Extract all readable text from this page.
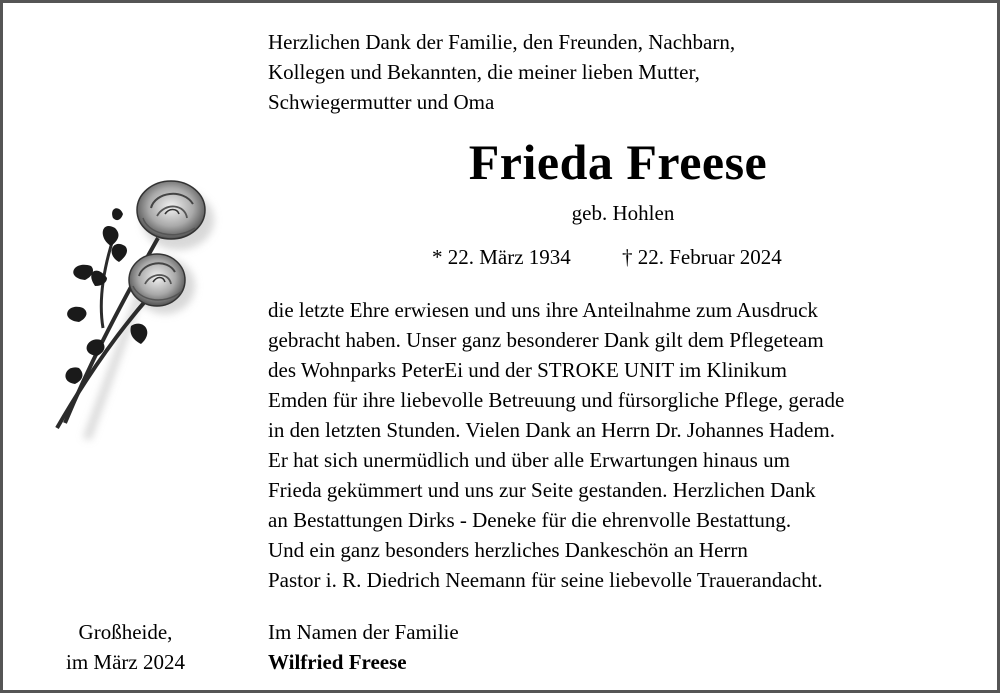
Herzlichen Dank der Familie, den Freunden, Nachbarn,
Kollegen und Bekannten, die meiner lieben Mutter,
Schwiegermutter und Oma

Frieda Freese
geb. Hohlen
* 22. März 1934 † 22. Februar 2024

die letzte Ehre erwiesen und uns ihre Anteilnahme zum Ausdruck
gebracht haben. Unser ganz besonderer Dank gilt dem Pflegeteam
des Wohnparks PeterEi und der STROKE UNIT im Klinikum
Emden für ihre liebevolle Betreuung und fürsorgliche Pflege, gerade
in den letzten Stunden. Vielen Dank an Herrn Dr. Johannes Hadem.
Er hat sich unermüdlich und über alle Erwartungen hinaus um
Frieda gekümmert und uns zur Seite gestanden. Herzlichen Dank
an Bestattungen Dirks - Deneke für die ehrenvolle Bestattung.
Und ein ganz besonders herzliches Dankeschön an Herrn
Pastor i. R. Diedrich Neemann für seine liebevolle Trauerandacht.

Großheide,
im März 2024
Im Namen der Familie
Wilfried Freese
